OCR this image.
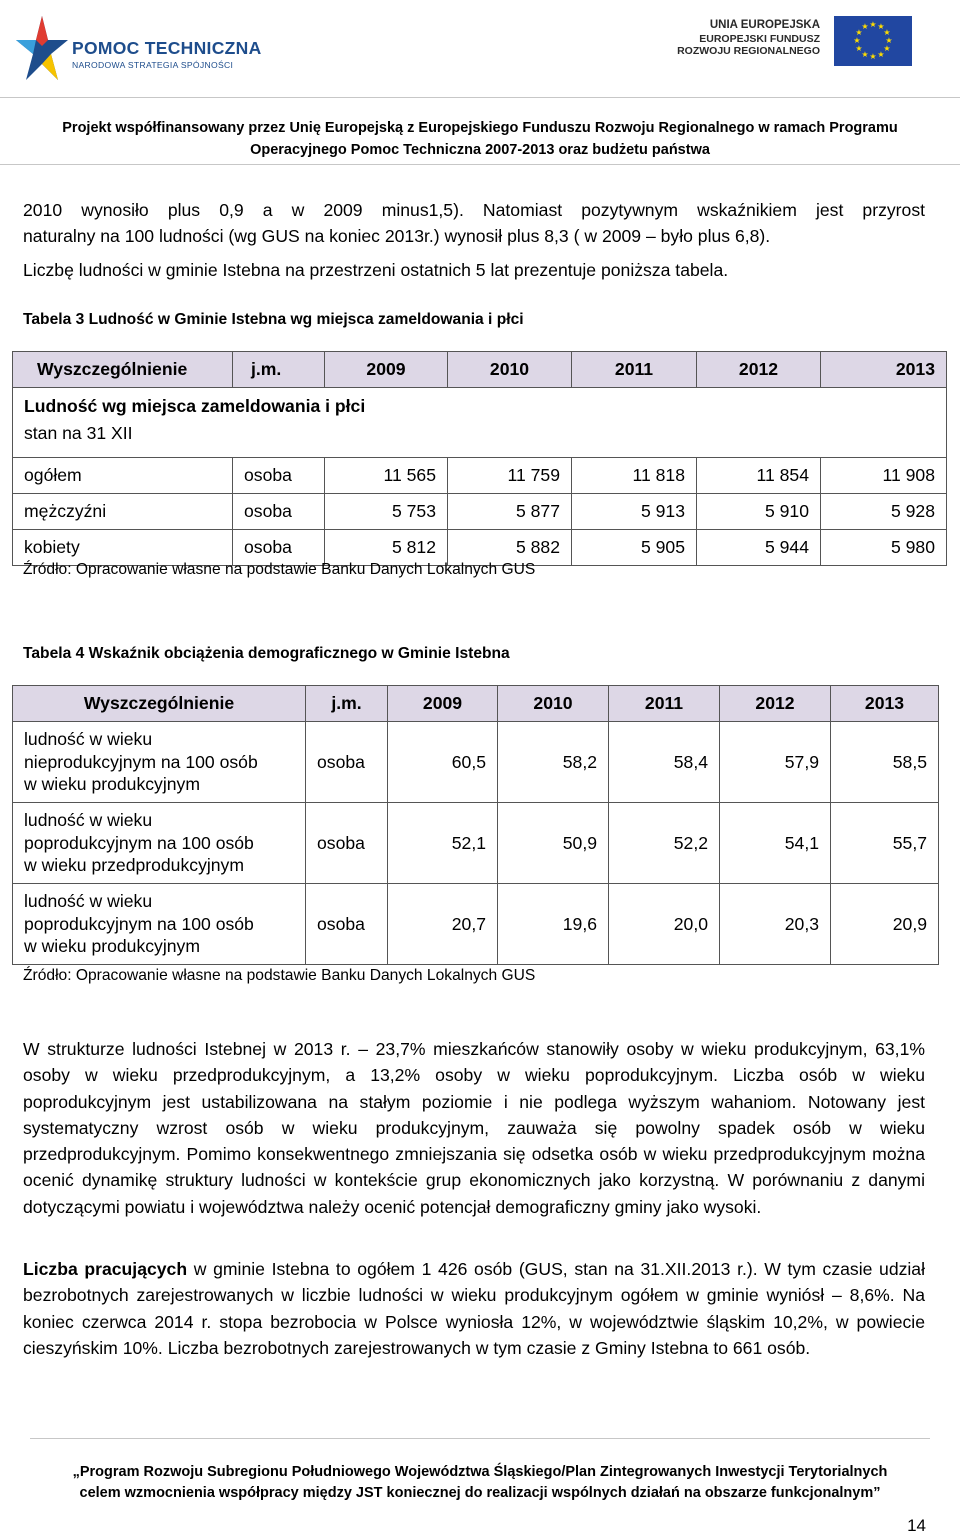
POMOC TECHNICZNA
NARODOWA STRATEGIA SPÓJNOŚCI
UNIA EUROPEJSKA
EUROPEJSKI FUNDUSZ
ROZWOJU REGIONALNEGO
★ ★
★
★
★
★
★
★
★
★
★
★
Projekt współfinansowany przez Unię Europejską z Europejskiego Funduszu Rozwoju Regionalnego w ramach Programu
Operacyjnego Pomoc Techniczna 2007-2013 oraz budżetu państwa

2010 wynosiło plus 0,9 a w 2009 minus1,5). Natomiast pozytywnym wskaźnikiem jest przyrost

naturalny na 100 ludności (wg GUS na koniec 2013r.) wynosił plus 8,3 ( w 2009 – było plus 6,8).

Liczbę ludności w gminie Istebna na przestrzeni ostatnich 5 lat prezentuje poniższa tabela.

Tabela 3 Ludność w Gminie Istebna wg miejsca zameldowania i płci
Wyszczególnienie	j.m.	2009	2010	2011	2012	2013

Ludność wg miejsca zameldowania i płci
stan na 31 XII						

ogółem	osoba	11 565	11 759	11 818	11 854	11 908
mężczyźni	osoba	5 753	5 877	5 913	5 910	5 928
kobiety	osoba	5 812	5 882	5 905	5 944	5 980
Źródło: Opracowanie własne na podstawie Banku Danych Lokalnych GUS
Tabela 4 Wskaźnik obciążenia demograficznego w Gminie Istebna
Wyszczególnienie	j.m.	2009	2010	2011	2012	2013

ludność w wieku
nieprodukcyjnym na 100 osób
w wieku produkcyjnym	osoba	60,5	58,2	58,4	57,9	58,5

ludność w wieku
poprodukcyjnym na 100 osób
w wieku przedprodukcyjnym	osoba	52,1	50,9	52,2	54,1	55,7

ludność w wieku
poprodukcyjnym na 100 osób
w wieku produkcyjnym	osoba	20,7	19,6	20,0	20,3	20,9
Źródło: Opracowanie własne na podstawie Banku Danych Lokalnych GUS

W strukturze ludności Istebnej w 2013 r. – 23,7% mieszkańców stanowiły osoby w wieku produkcyjnym, 63,1% osoby w wieku przedprodukcyjnym, a 13,2% osoby w wieku poprodukcyjnym. Liczba osób w wieku poprodukcyjnym jest ustabilizowana na stałym poziomie i nie podlega wyższym wahaniom. Notowany jest systematyczny wzrost osób w wieku produkcyjnym, zauważa się powolny spadek osób w wieku przedprodukcyjnym. Pomimo konsekwentnego zmniejszania się odsetka osób w wieku przedprodukcyjnym można ocenić dynamikę struktury ludności w kontekście grup ekonomicznych jako korzystną. W porównaniu z danymi dotyczącymi powiatu i województwa należy ocenić potencjał demograficzny gminy jako wysoki.

Liczba pracujących w gminie Istebna to ogółem 1 426 osób (GUS, stan na 31.XII.2013 r.). W tym czasie udział bezrobotnych zarejestrowanych w liczbie ludności w wieku produkcyjnym ogółem w gminie wyniósł – 8,6%. Na koniec czerwca 2014 r. stopa bezrobocia w Polsce wyniosła 12%, w województwie śląskim 10,2%, w powiecie cieszyńskim 10%. Liczba bezrobotnych zarejestrowanych w tym czasie z Gminy Istebna to 661 osób.

„Program Rozwoju Subregionu Południowego Województwa Śląskiego/Plan Zintegrowanych Inwestycji Terytorialnych
celem wzmocnienia współpracy między JST koniecznej do realizacji wspólnych działań na obszarze funkcjonalnym”
14
